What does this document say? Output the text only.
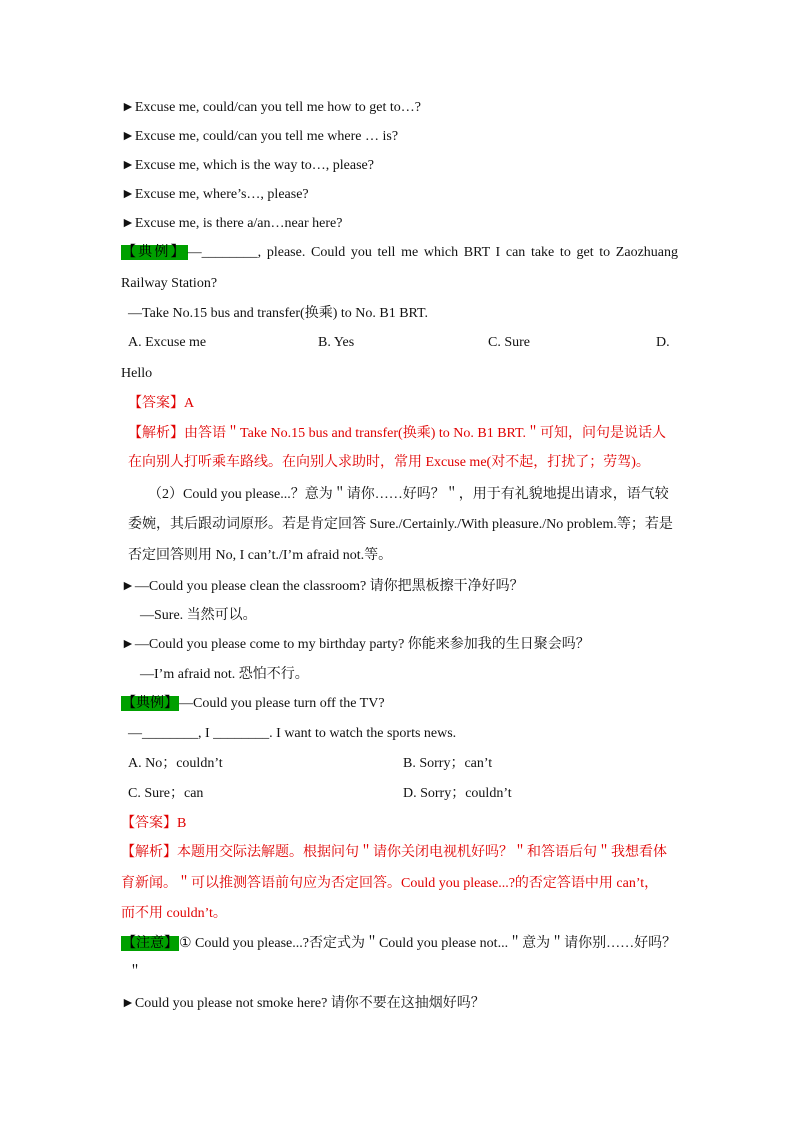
►Excuse me, could/can you tell me how to get to…?
►Excuse me, could/can you tell me where … is?
►Excuse me, which is the way to…, please?
►Excuse me, where’s…, please?
►Excuse me, is there a/an…near here?
【典例】—________, please. Could you tell me which BRT I can take to get to Zaozhuang
Railway Station?
—Take No.15 bus and transfer(换乘) to No. B1 BRT.
A. Excuse me	B. Yes	C. Sure	D.
Hello
【答案】A
【解析】由答语＂Take No.15 bus and transfer(换乘) to No. B1 BRT.＂可知，问句是说话人
在向别人打听乘车路线。在向别人求助时，常用 Excuse me(对不起，打扰了；劳驾)。
（2）Could you please...？意为＂请你……好吗？＂，用于有礼貌地提出请求，语气较
委婉，其后跟动词原形。若是肯定回答 Sure./Certainly./With pleasure./No problem.等；若是
否定回答则用 No, I can’t./I’m afraid not.等。
►—Could you please clean the classroom? 请你把黑板擦干净好吗？
—Sure. 当然可以。
►—Could you please come to my birthday party? 你能来参加我的生日聚会吗？
—I’m afraid not. 恐怕不行。
【典例】—Could you please turn off the TV?
—________, I ________. I want to watch the sports news.
A. No；couldn’t	B. Sorry；can’t
C. Sure；can	D. Sorry；couldn’t
【答案】B
【解析】本题用交际法解题。根据问句＂请你关闭电视机好吗？＂和答语后句＂我想看体
育新闻。＂可以推测答语前句应为否定回答。Could you please...?的否定答语中用 can’t，
而不用 couldn’t。
【注意】① Could you please...?否定式为＂Could you please not...＂意为＂请你别……好吗？
＂
►Could you please not smoke here? 请你不要在这抽烟好吗？
